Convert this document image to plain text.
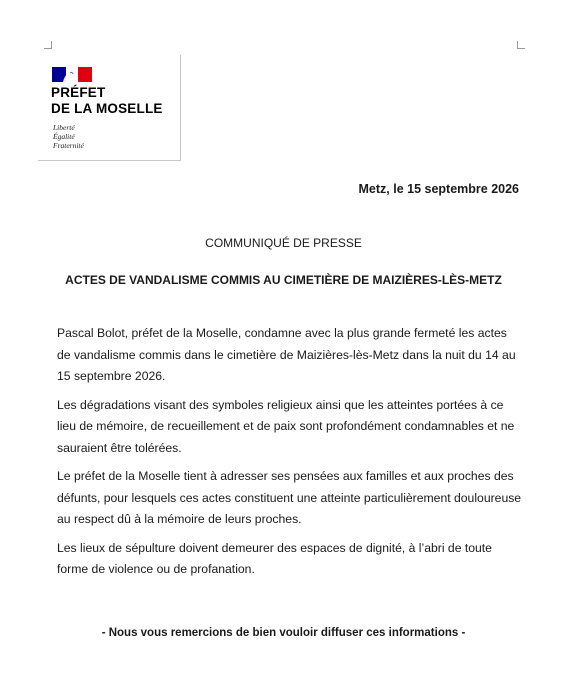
PRÉFET
DE LA MOSELLE
Liberté
Égalité
Fraternité
Metz, le 15 septembre 2026
COMMUNIQUÉ DE PRESSE
ACTES DE VANDALISME COMMIS AU CIMETIÈRE DE MAIZIÈRES-LÈS-METZ

Pascal Bolot, préfet de la Moselle, condamne avec la plus grande fermeté les actes de vandalisme commis dans le cimetière de Maizières-lès-Metz dans la nuit du 14 au 15 septembre 2026.

Les dégradations visant des symboles religieux ainsi que les atteintes portées à ce lieu de mémoire, de recueillement et de paix sont profondément condamnables et ne sauraient être tolérées.

Le préfet de la Moselle tient à adresser ses pensées aux familles et aux proches des défunts, pour lesquels ces actes constituent une atteinte particulièrement douloureuse au respect dû à la mémoire de leurs proches.

Les lieux de sépulture doivent demeurer des espaces de dignité, à l’abri de toute forme de violence ou de profanation.

- Nous vous remercions de bien vouloir diffuser ces informations -
